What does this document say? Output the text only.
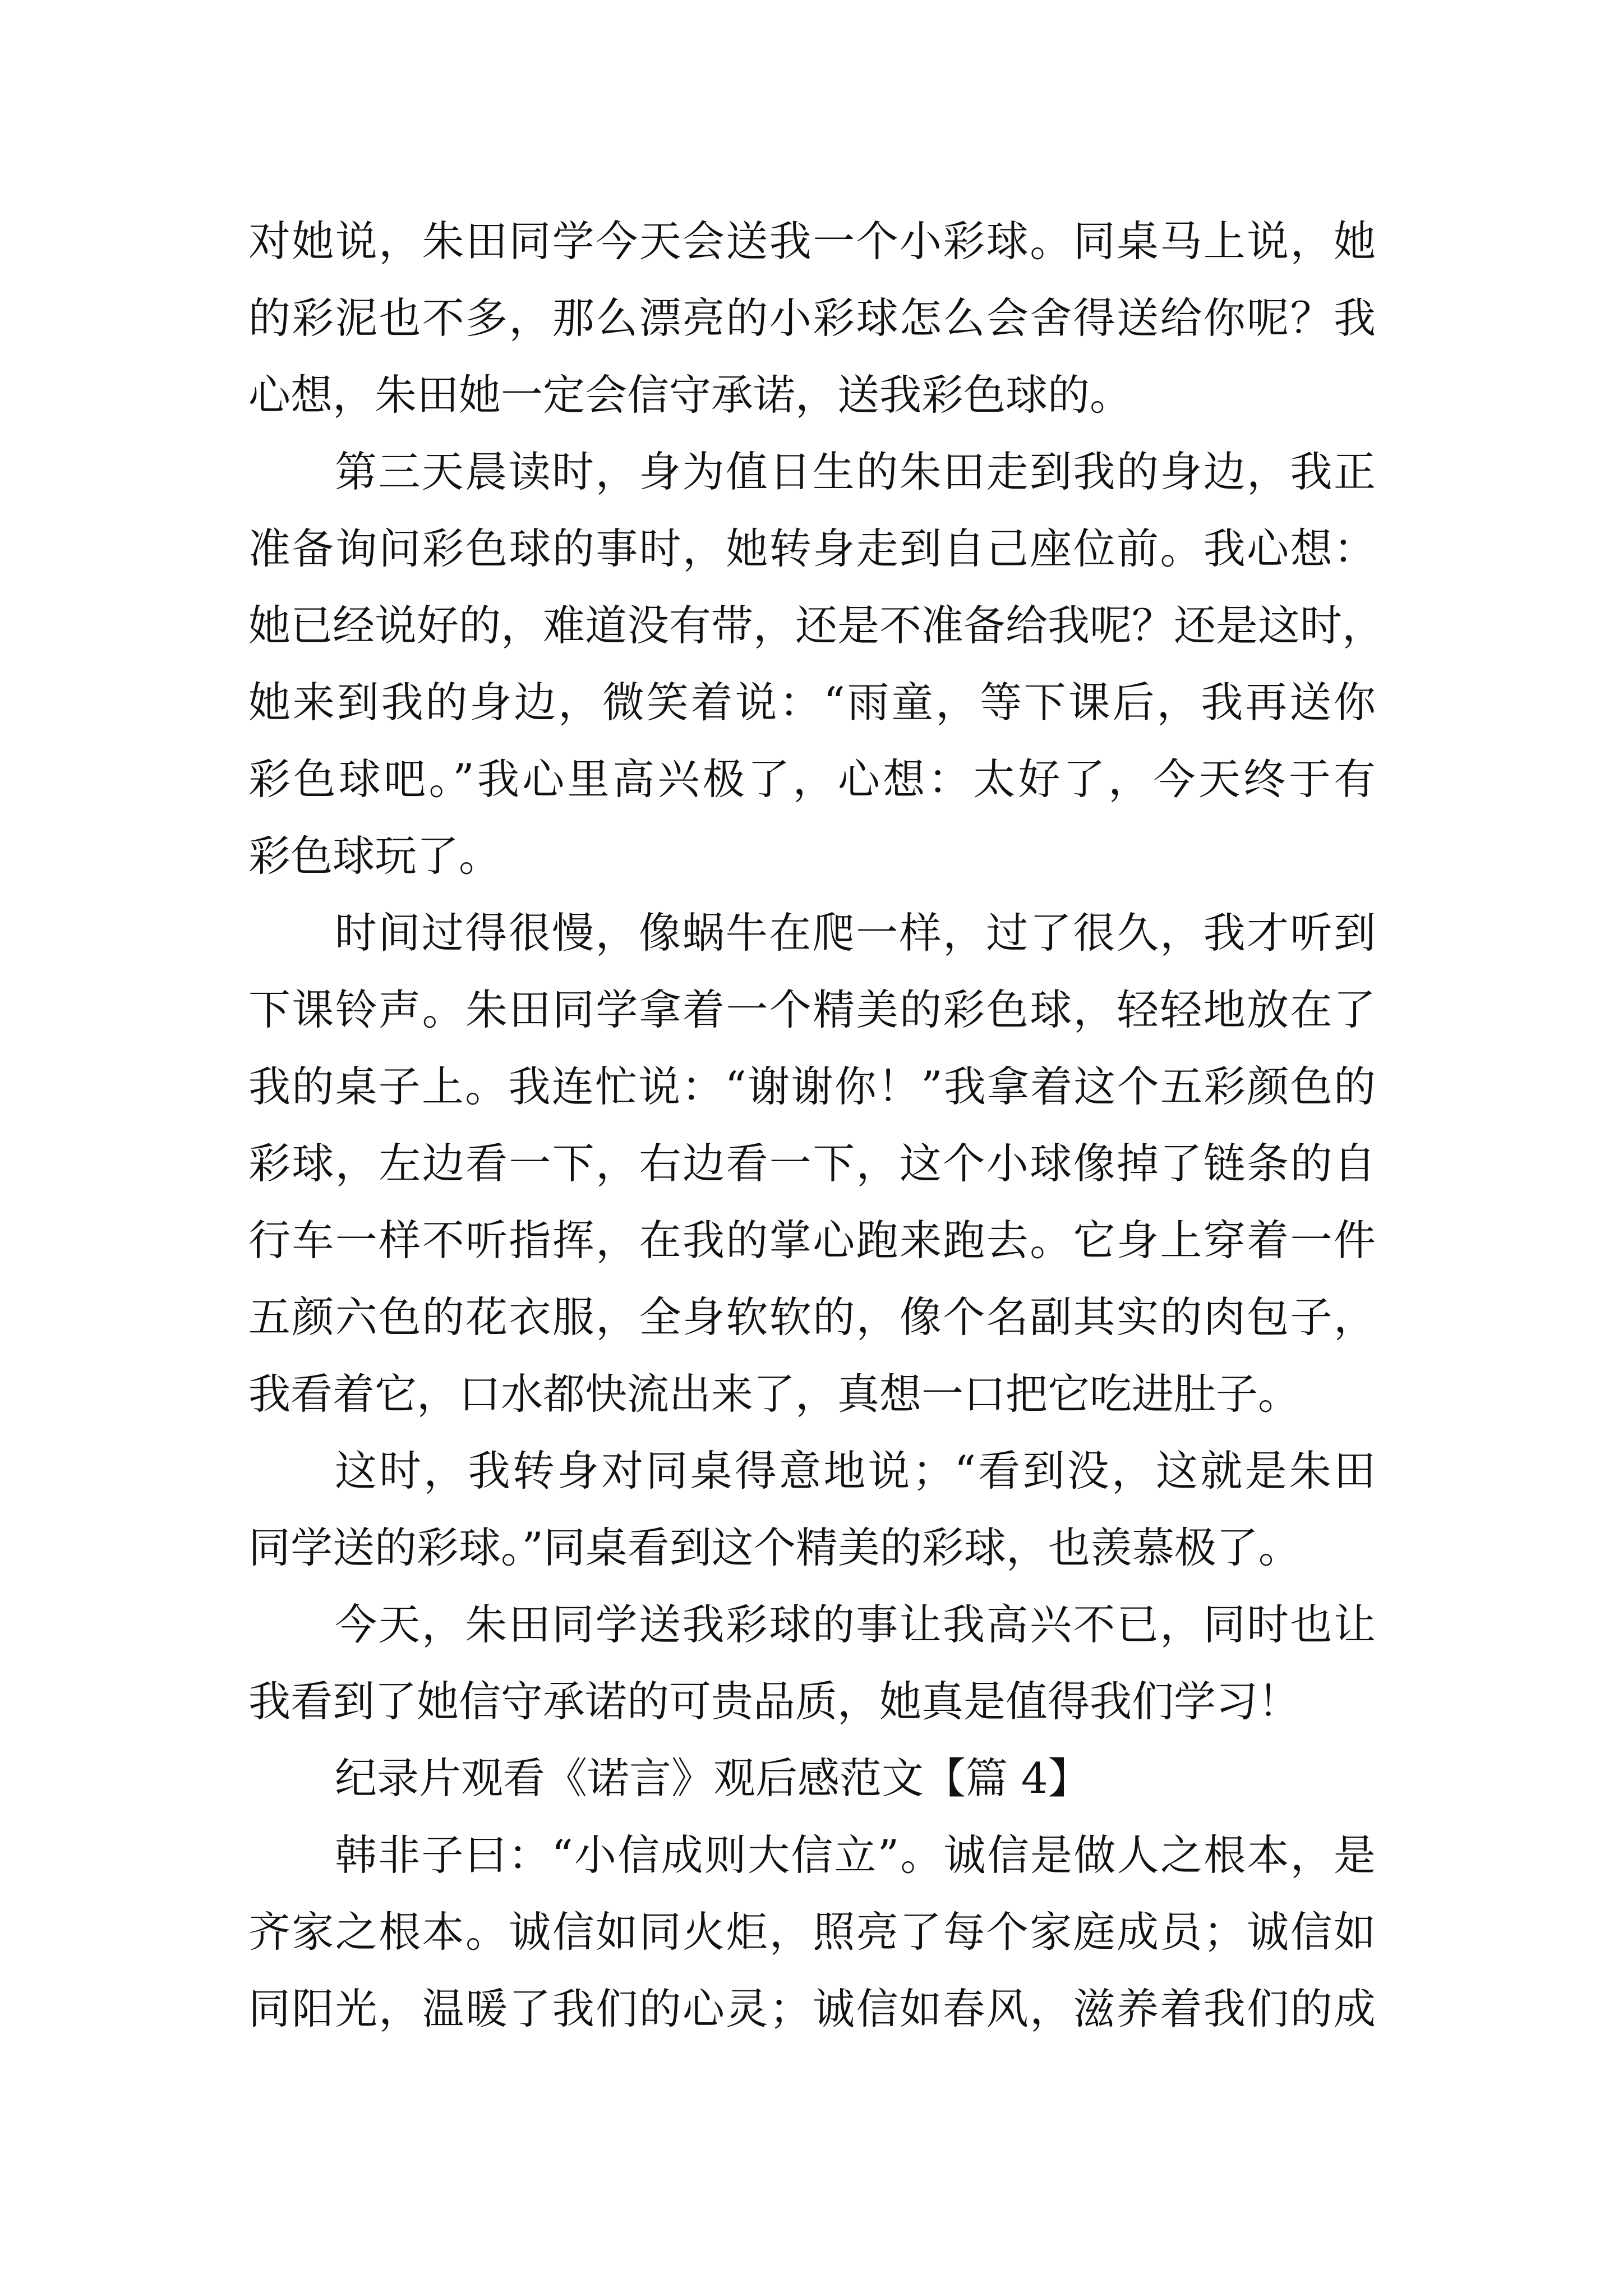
对她说，朱田同学今天会送我一个小彩球。同桌马上说，她
的彩泥也不多，那么漂亮的小彩球怎么会舍得送给你呢？我
心想，朱田她一定会信守承诺，送我彩色球的。
第三天晨读时，身为值日生的朱田走到我的身边，我正
准备询问彩色球的事时，她转身走到自己座位前。我心想：
她已经说好的，难道没有带，还是不准备给我呢？还是这时，
她来到我的身边，微笑着说：“雨童，等下课后，我再送你
彩色球吧。”我心里高兴极了，心想：太好了，今天终于有
彩色球玩了。
时间过得很慢，像蜗牛在爬一样，过了很久，我才听到
下课铃声。朱田同学拿着一个精美的彩色球，轻轻地放在了
我的桌子上。我连忙说：“谢谢你！”我拿着这个五彩颜色的
彩球，左边看一下，右边看一下，这个小球像掉了链条的自
行车一样不听指挥，在我的掌心跑来跑去。它身上穿着一件
五颜六色的花衣服，全身软软的，像个名副其实的肉包子，
我看着它，口水都快流出来了，真想一口把它吃进肚子。
这时，我转身对同桌得意地说；“看到没，这就是朱田
同学送的彩球。”同桌看到这个精美的彩球，也羡慕极了。
今天，朱田同学送我彩球的事让我高兴不已，同时也让
我看到了她信守承诺的可贵品质，她真是值得我们学习！
纪录片观看《诺言》观后感范文【篇 4】
韩非子曰：“小信成则大信立”。诚信是做人之根本，是
齐家之根本。诚信如同火炬，照亮了每个家庭成员；诚信如
同阳光，温暖了我们的心灵；诚信如春风，滋养着我们的成
